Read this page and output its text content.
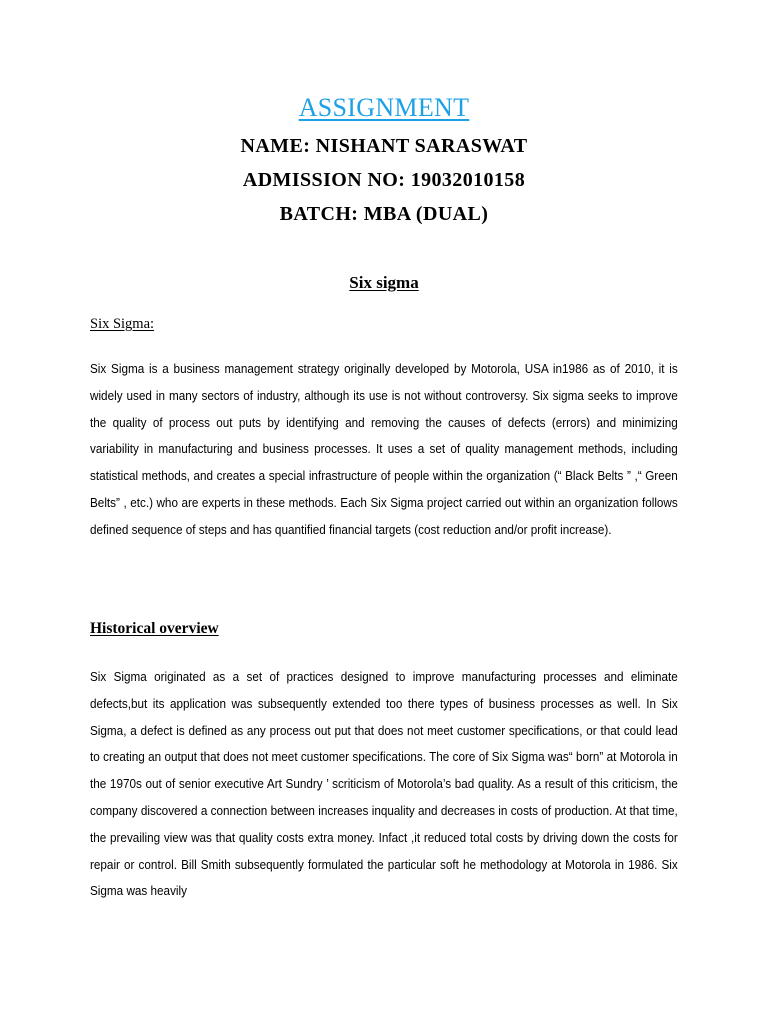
ASSIGNMENT

NAME: NISHANT SARASWAT

ADMISSION NO: 19032010158

BATCH: MBA (DUAL)

Six sigma
Six Sigma:

Six Sigma is a business management strategy originally developed by Motorola, USA in1986 as of 2010, it is widely used in many sectors of industry, although its use is not without controversy. Six sigma seeks to improve the quality of process out puts by identifying and removing the causes of defects (errors) and minimizing variability in manufacturing and business processes. It uses a set of quality management methods, including statistical methods, and creates a special infrastructure of people within the organization (“ Black Belts ” ,“ Green Belts” , etc.) who are experts in these methods. Each Six Sigma project carried out within an organization follows defined sequence of steps and has quantified financial targets (cost reduction and/or profit increase).

Historical overview

Six Sigma originated as a set of practices designed to improve manufacturing processes and eliminate defects,but its application was subsequently extended too there types of business processes as well. In Six Sigma, a defect is defined as any process out put that does not meet customer specifications, or that could lead to creating an output that does not meet customer specifications. The core of Six Sigma was“ born” at Motorola in the 1970s out of senior executive Art Sundry ’ scriticism of Motorola’s bad quality. As a result of this criticism, the company discovered a connection between increases inquality and decreases in costs of production. At that time, the prevailing view was that quality costs extra money. Infact ,it reduced total costs by driving down the costs for repair or control. Bill Smith subsequently formulated the particular soft he methodology at Motorola in 1986. Six Sigma was heavily
